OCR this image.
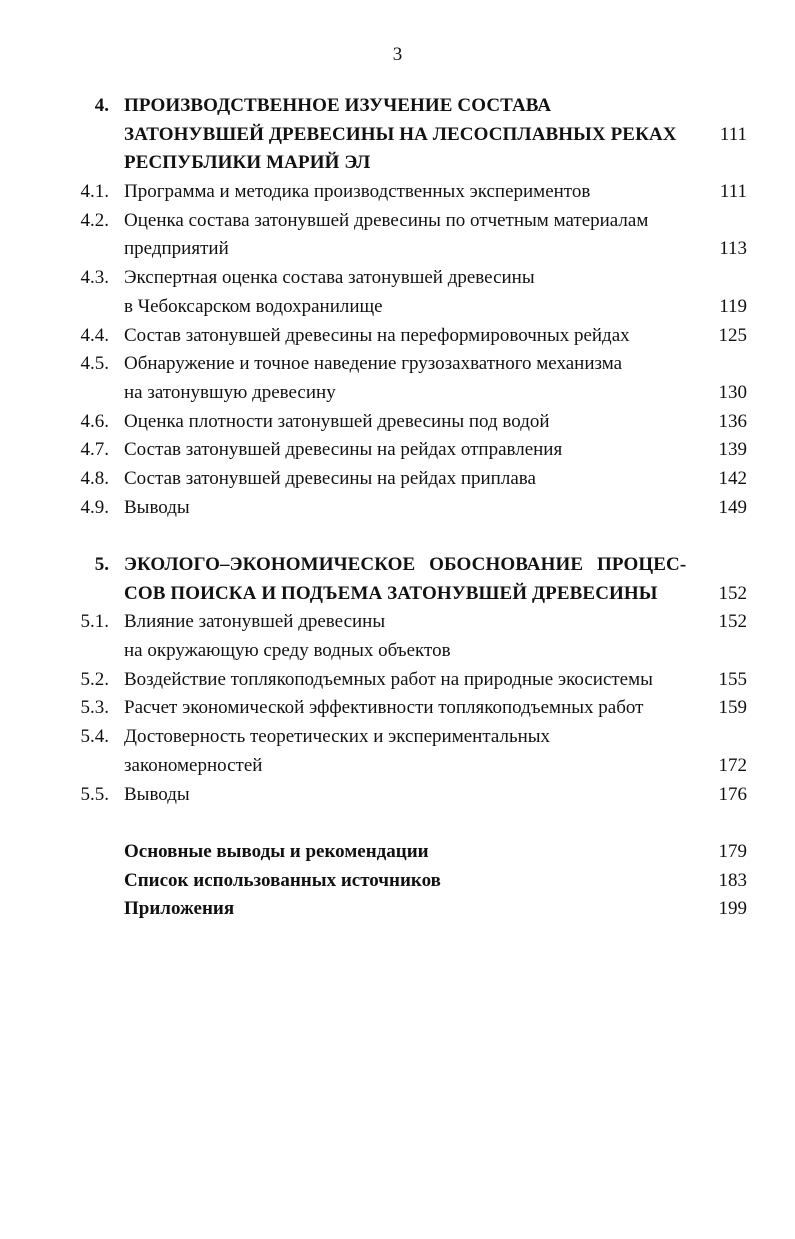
3
4. ПРОИЗВОДСТВЕННОЕ ИЗУЧЕНИЕ СОСТАВА
ЗАТОНУВШЕЙ ДРЕВЕСИНЫ НА ЛЕСОСПЛАВНЫХ РЕКАХ 111
РЕСПУБЛИКИ МАРИЙ ЭЛ
4.1. Программа и методика производственных экспериментов	111
4.2. Оценка состава затонувшей древесины по отчетным материалам
предприятий	113
4.3. Экспертная оценка состава затонувшей древесины
в Чебоксарском водохранилище	119
4.4. Состав затонувшей древесины на переформировочных рейдах	125
4.5. Обнаружение и точное наведение грузозахватного механизма
на затонувшую древесину	130
4.6. Оценка плотности затонувшей древесины под водой	136
4.7. Состав затонувшей древесины на рейдах отправления	139
4.8. Состав затонувшей древесины на рейдах приплава	142
4.9. Выводы	149
5. ЭКОЛОГО–ЭКОНОМИЧЕСКОЕ ОБОСНОВАНИЕ ПРОЦЕС-
СОВ ПОИСКА И ПОДЪЕМА ЗАТОНУВШЕЙ ДРЕВЕСИНЫ	152
5.1. Влияние затонувшей древесины	152
на окружающую среду водных объектов
5.2. Воздействие топлякоподъемных работ на природные экосистемы	155
5.3. Расчет экономической эффективности топлякоподъемных работ	159
5.4. Достоверность теоретических и экспериментальных
закономерностей	172
5.5. Выводы	176
Основные выводы и рекомендации	179
Список использованных источников	183
Приложения	199
